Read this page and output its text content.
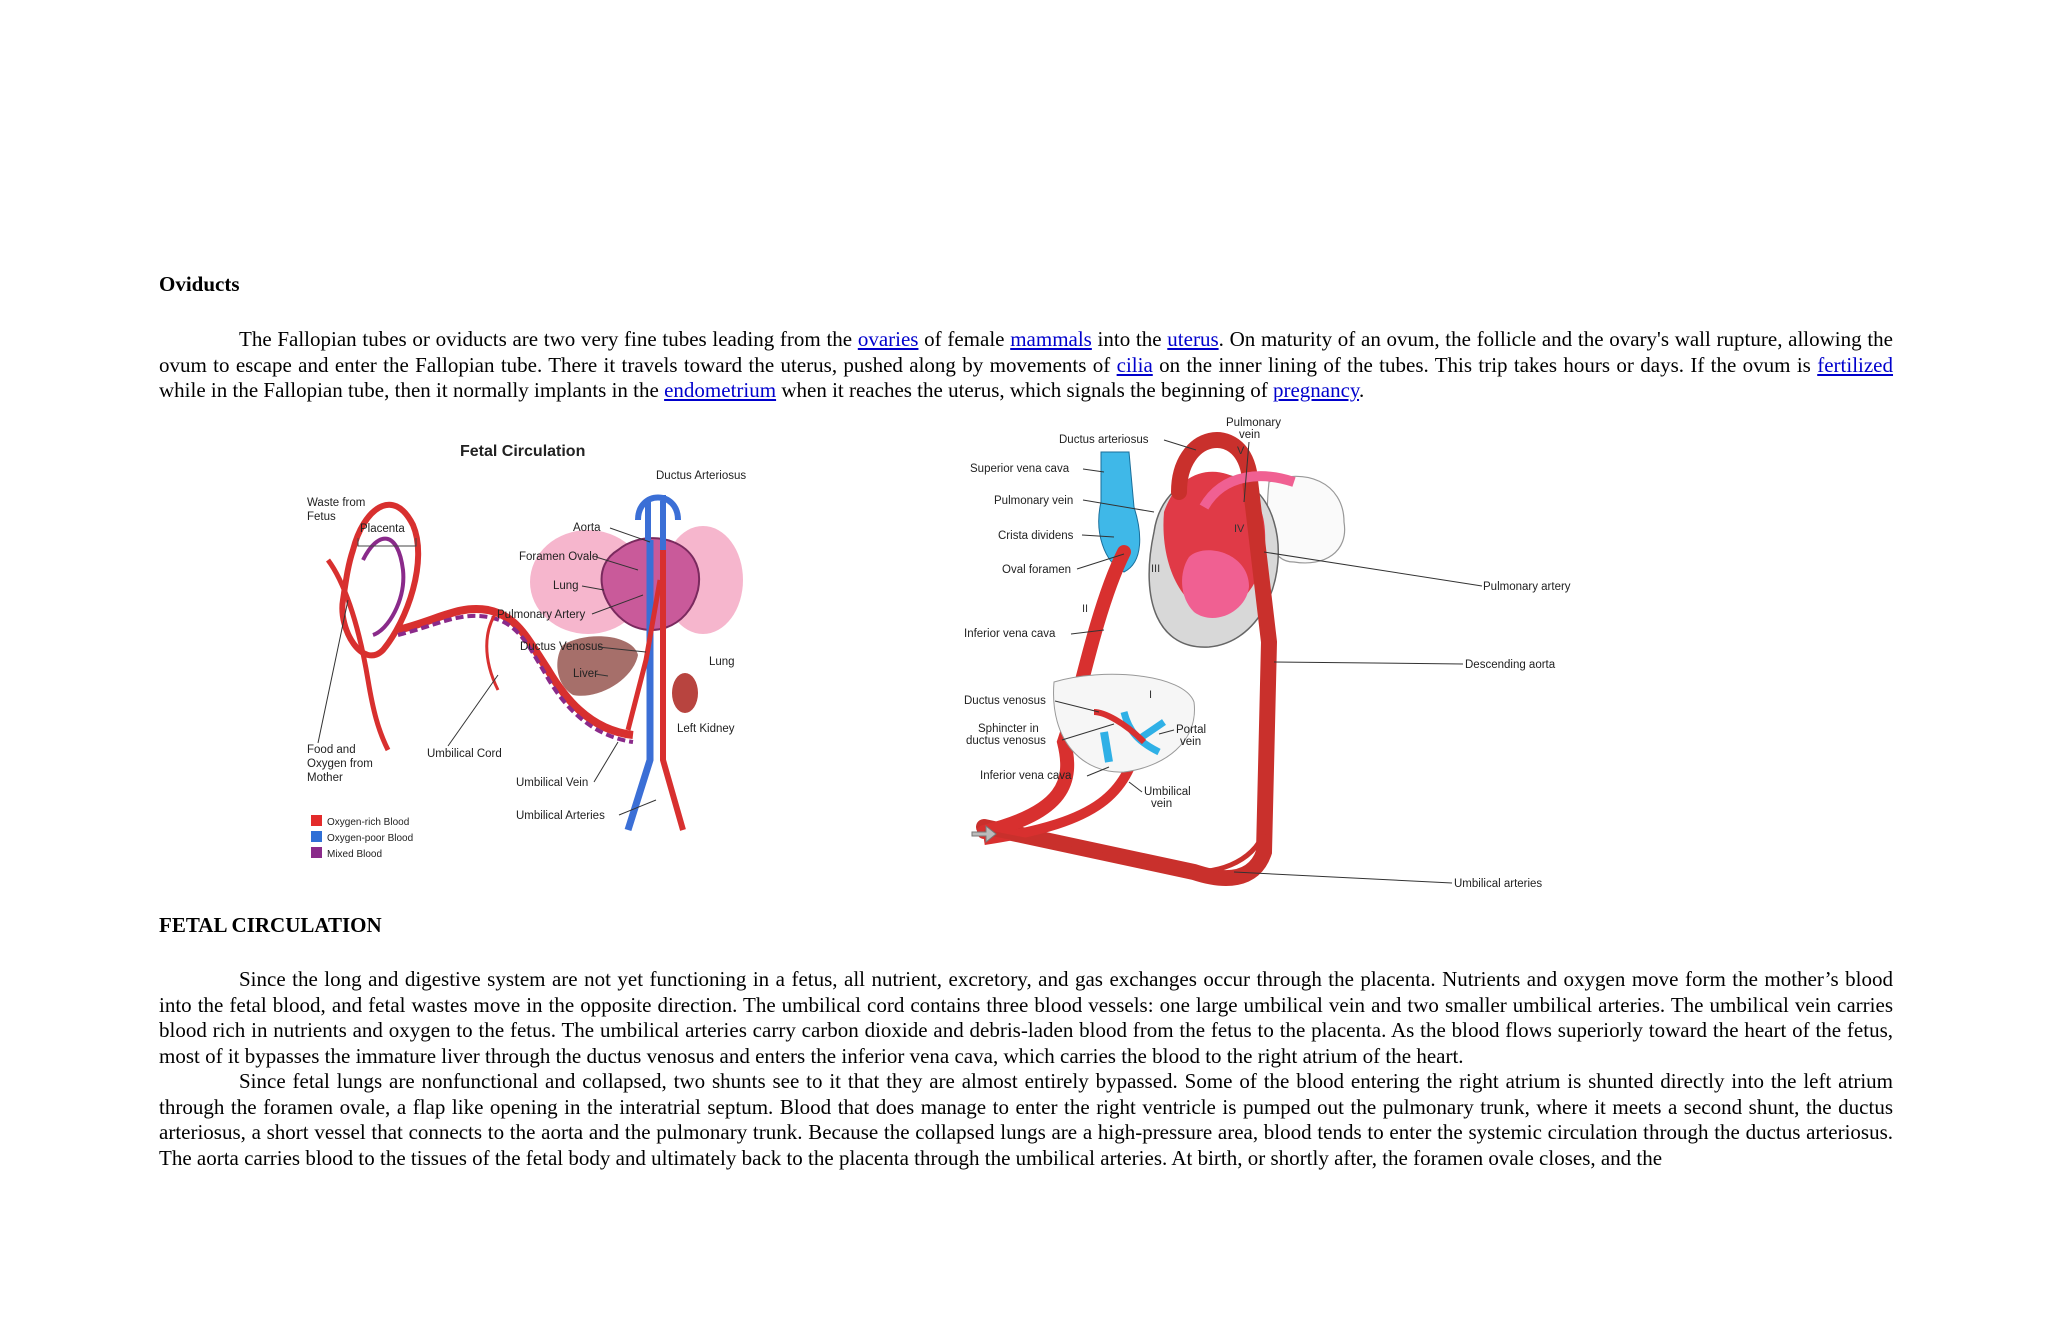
Oviducts

The Fallopian tubes or oviducts are two very fine tubes leading from the ovaries of female mammals into the uterus. On maturity of an ovum, the follicle and the ovary's wall rupture, allowing the ovum to escape and enter the Fallopian tube. There it travels toward the uterus, pushed along by movements of cilia on the inner lining of the tubes. This trip takes hours or days. If the ovum is fertilized while in the Fallopian tube, then it normally implants in the endometrium when it reaches the uterus, which signals the beginning of pregnancy.

Fetal Circulation
Ductus Arteriosus
Waste from
Fetus
Placenta	Aorta
Foramen Ovale
Lung
Pulmonary Artery
Ductus Venosus
Lung
Liver
Left Kidney
Food and
Oxygen from
Mother
Umbilical Cord
Umbilical Vein
Umbilical Arteries
Oxygen-rich Blood
Oxygen-poor Blood
Mixed Blood
V
III
IV
II
I
Pulmonary
vein
Ductus arteriosus
Superior vena cava
Pulmonary vein
Crista dividens
Oval foramen
Pulmonary artery
Inferior vena cava
Descending aorta
Ductus venosus
Sphincter in
ductus venosus
Portal
vein
Inferior vena cava
Umbilical
vein
Umbilical arteries
FETAL CIRCULATION

Since the long and digestive system are not yet functioning in a fetus, all nutrient, excretory, and gas exchanges occur through the placenta. Nutrients and oxygen move form the mother’s blood into the fetal blood, and fetal wastes move in the opposite direction. The umbilical cord contains three blood vessels: one large umbilical vein and two smaller umbilical arteries. The umbilical vein carries blood rich in nutrients and oxygen to the fetus. The umbilical arteries carry carbon dioxide and debris-laden blood from the fetus to the placenta. As the blood flows superiorly toward the heart of the fetus, most of it bypasses the immature liver through the ductus venosus and enters the inferior vena cava, which carries the blood to the right atrium of the heart.

Since fetal lungs are nonfunctional and collapsed, two shunts see to it that they are almost entirely bypassed. Some of the blood entering the right atrium is shunted directly into the left atrium through the foramen ovale, a flap like opening in the interatrial septum. Blood that does manage to enter the right ventricle is pumped out the pulmonary trunk, where it meets a second shunt, the ductus arteriosus, a short vessel that connects to the aorta and the pulmonary trunk. Because the collapsed lungs are a high-pressure area, blood tends to enter the systemic circulation through the ductus arteriosus. The aorta carries blood to the tissues of the fetal body and ultimately back to the placenta through the umbilical arteries. At birth, or shortly after, the foramen ovale closes, and the
